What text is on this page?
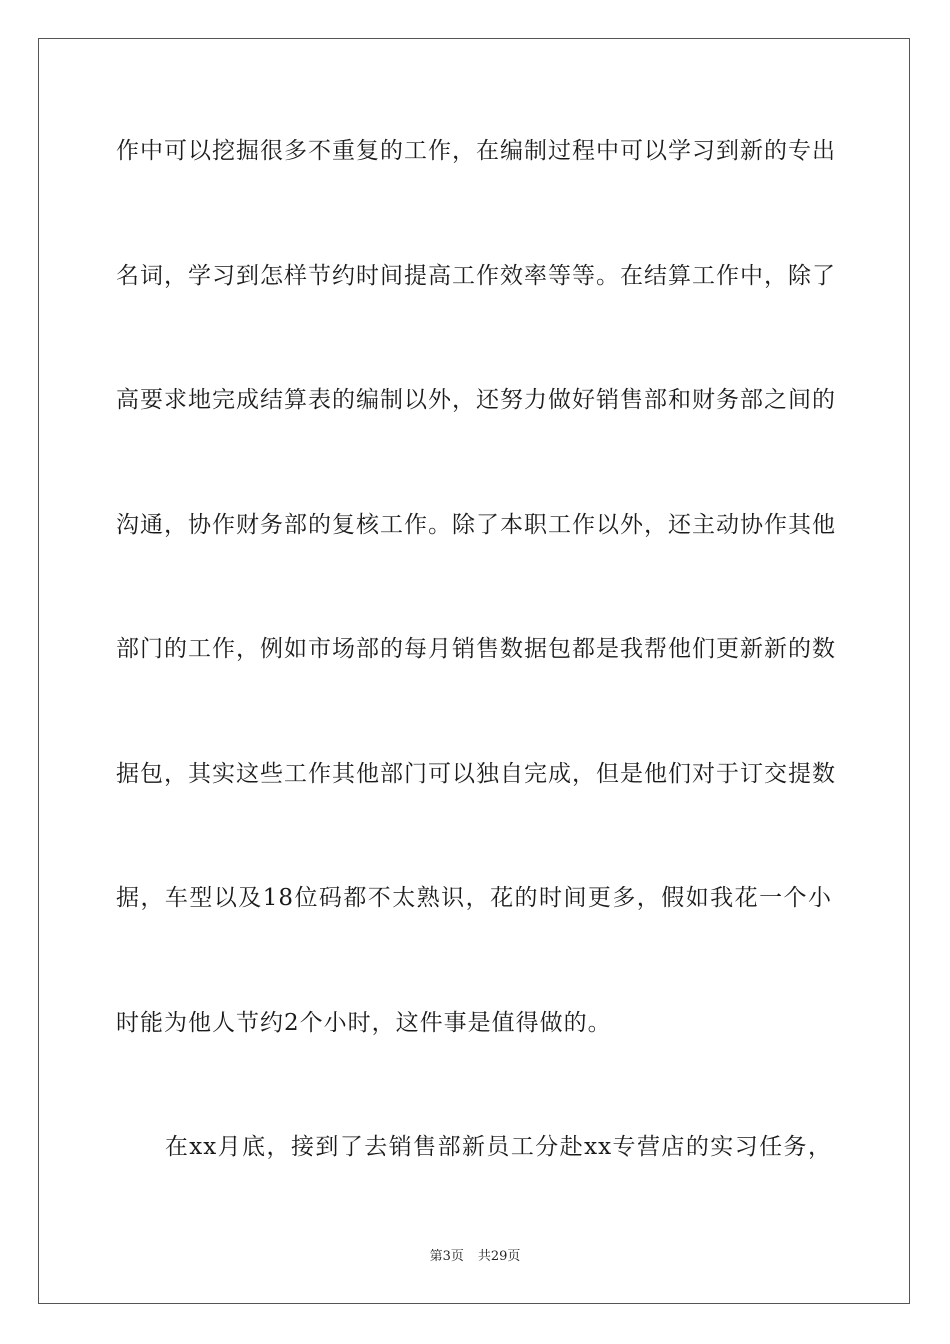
作中可以挖掘很多不重复的工作，在编制过程中可以学习到新的专出
名词，学习到怎样节约时间提高工作效率等等。在结算工作中，除了
高要求地完成结算表的编制以外，还努力做好销售部和财务部之间的
沟通，协作财务部的复核工作。除了本职工作以外，还主动协作其他
部门的工作，例如市场部的每月销售数据包都是我帮他们更新新的数
据包，其实这些工作其他部门可以独自完成，但是他们对于订交提数
据，车型以及18位码都不太熟识，花的时间更多，假如我花一个小
时能为他人节约2个小时，这件事是值得做的。
　　在xx月底，接到了去销售部新员工分赴xx专营店的实习任务，
第3页 共29页
